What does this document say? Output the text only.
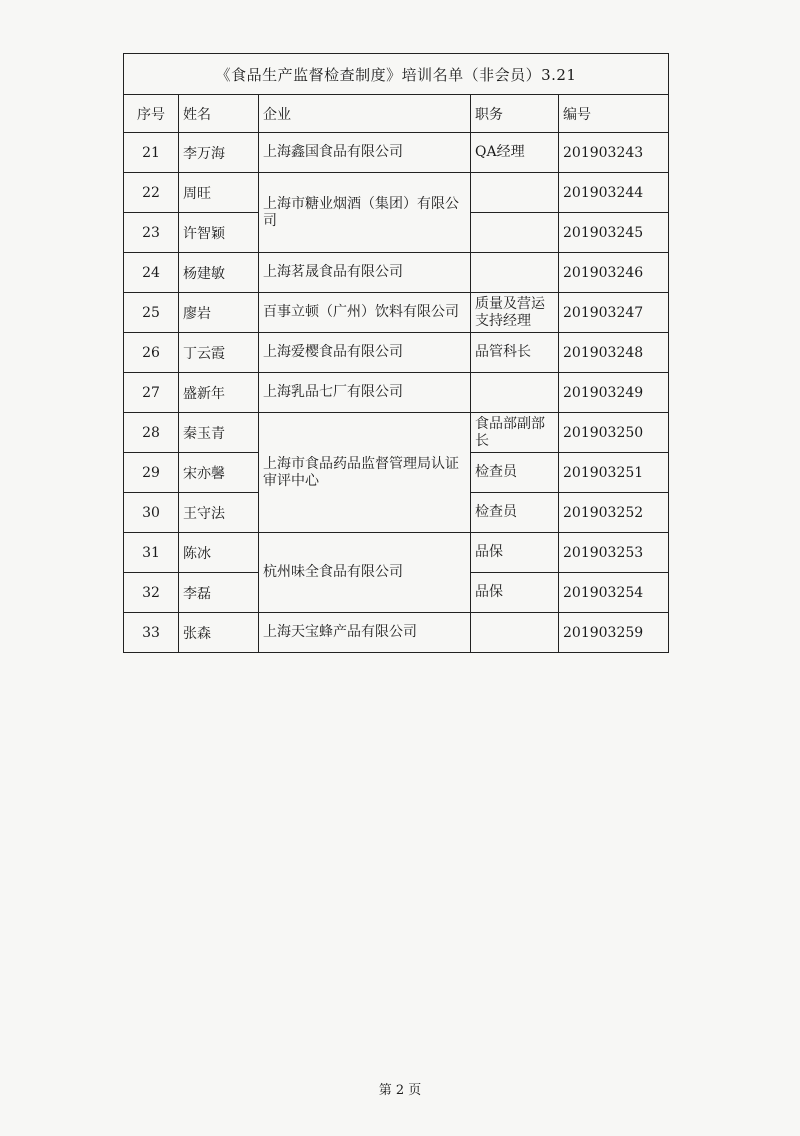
《食品生产监督检查制度》培训名单（非会员）3.21				
序号	姓名	企业	职务	编号
21	李万海	上海鑫国食品有限公司	QA经理	201903243
22	周旺	上海市糖业烟酒（集团）有限公司		201903244
23	许智颖			201903245
24	杨建敏	上海茗晟食品有限公司		201903246
25	廖岩	百事立顿（广州）饮料有限公司	质量及营运支持经理	201903247
26	丁云霞	上海爱樱食品有限公司	品管科长	201903248
27	盛新年	上海乳品七厂有限公司		201903249
28	秦玉青	上海市食品药品监督管理局认证审评中心	食品部副部长	201903250
29	宋亦馨		检查员	201903251
30	王守法		检查员	201903252
31	陈冰	杭州味全食品有限公司	品保	201903253
32	李磊		品保	201903254
33	张森	上海天宝蜂产品有限公司		201903259
第 2 页
